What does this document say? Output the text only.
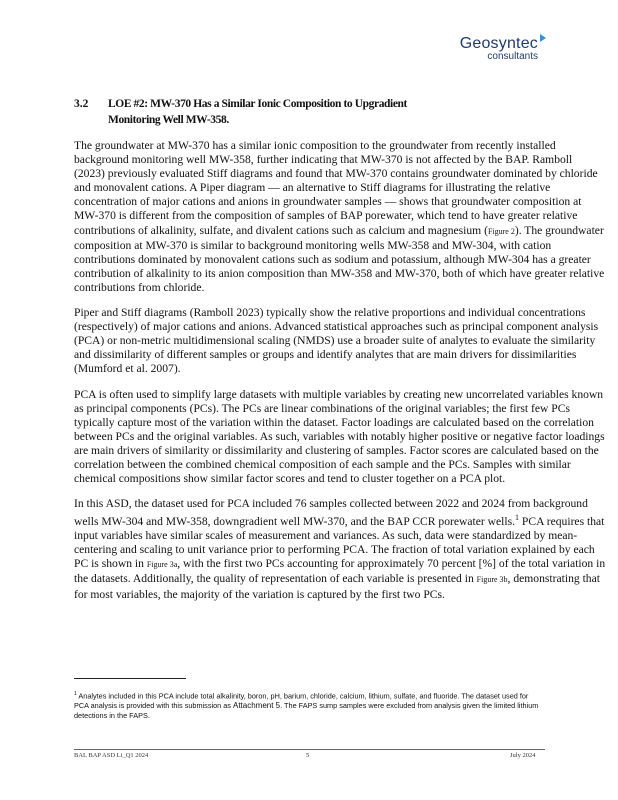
Geosyntec
consultants
3.2 LOE #2: MW-370 Has a Similar Ionic Composition to Upgradient Monitoring Well MW-358.

The groundwater at MW-370 has a similar ionic composition to the groundwater from recently installed background monitoring well MW-358, further indicating that MW-370 is not affected by the BAP. Ramboll (2023) previously evaluated Stiff diagrams and found that MW-370 contains groundwater dominated by chloride and monovalent cations. A Piper diagram — an alternative to Stiff diagrams for illustrating the relative concentration of major cations and anions in groundwater samples — shows that groundwater composition at MW-370 is different from the composition of samples of BAP porewater, which tend to have greater relative contributions of alkalinity, sulfate, and divalent cations such as calcium and magnesium (Figure 2). The groundwater composition at MW-370 is similar to background monitoring wells MW-358 and MW-304, with cation contributions dominated by monovalent cations such as sodium and potassium, although MW-304 has a greater contribution of alkalinity to its anion composition than MW-358 and MW-370, both of which have greater relative contributions from chloride.

Piper and Stiff diagrams (Ramboll 2023) typically show the relative proportions and individual concentrations (respectively) of major cations and anions. Advanced statistical approaches such as principal component analysis (PCA) or non-metric multidimensional scaling (NMDS) use a broader suite of analytes to evaluate the similarity and dissimilarity of different samples or groups and identify analytes that are main drivers for dissimilarities (Mumford et al. 2007).

PCA is often used to simplify large datasets with multiple variables by creating new uncorrelated variables known as principal components (PCs). The PCs are linear combinations of the original variables; the first few PCs typically capture most of the variation within the dataset. Factor loadings are calculated based on the correlation between PCs and the original variables. As such, variables with notably higher positive or negative factor loadings are main drivers of similarity or dissimilarity and clustering of samples. Factor scores are calculated based on the correlation between the combined chemical composition of each sample and the PCs. Samples with similar chemical compositions show similar factor scores and tend to cluster together on a PCA plot.

In this ASD, the dataset used for PCA included 76 samples collected between 2022 and 2024 from background wells MW-304 and MW-358, downgradient well MW-370, and the BAP CCR porewater wells.$^1$ PCA requires that input variables have similar scales of measurement and variances. As such, data were standardized by mean-centering and scaling to unit variance prior to performing PCA. The fraction of total variation explained by each PC is shown in Figure 3a, with the first two PCs accounting for approximately 70 percent [%] of the total variation in the datasets. Additionally, the quality of representation of each variable is presented in Figure 3b, demonstrating that for most variables, the majority of the variation is captured by the first two PCs.

$^1$ Analytes included in this PCA include total alkalinity, boron, pH, barium, chloride, calcium, lithium, sulfate, and fluoride. The dataset used for PCA analysis is provided with this submission as Attachment 5. The FAPS sump samples were excluded from analysis given the limited lithium detections in the FAPS.
BAL BAP ASD Li_Q1 2024	5	July 2024
